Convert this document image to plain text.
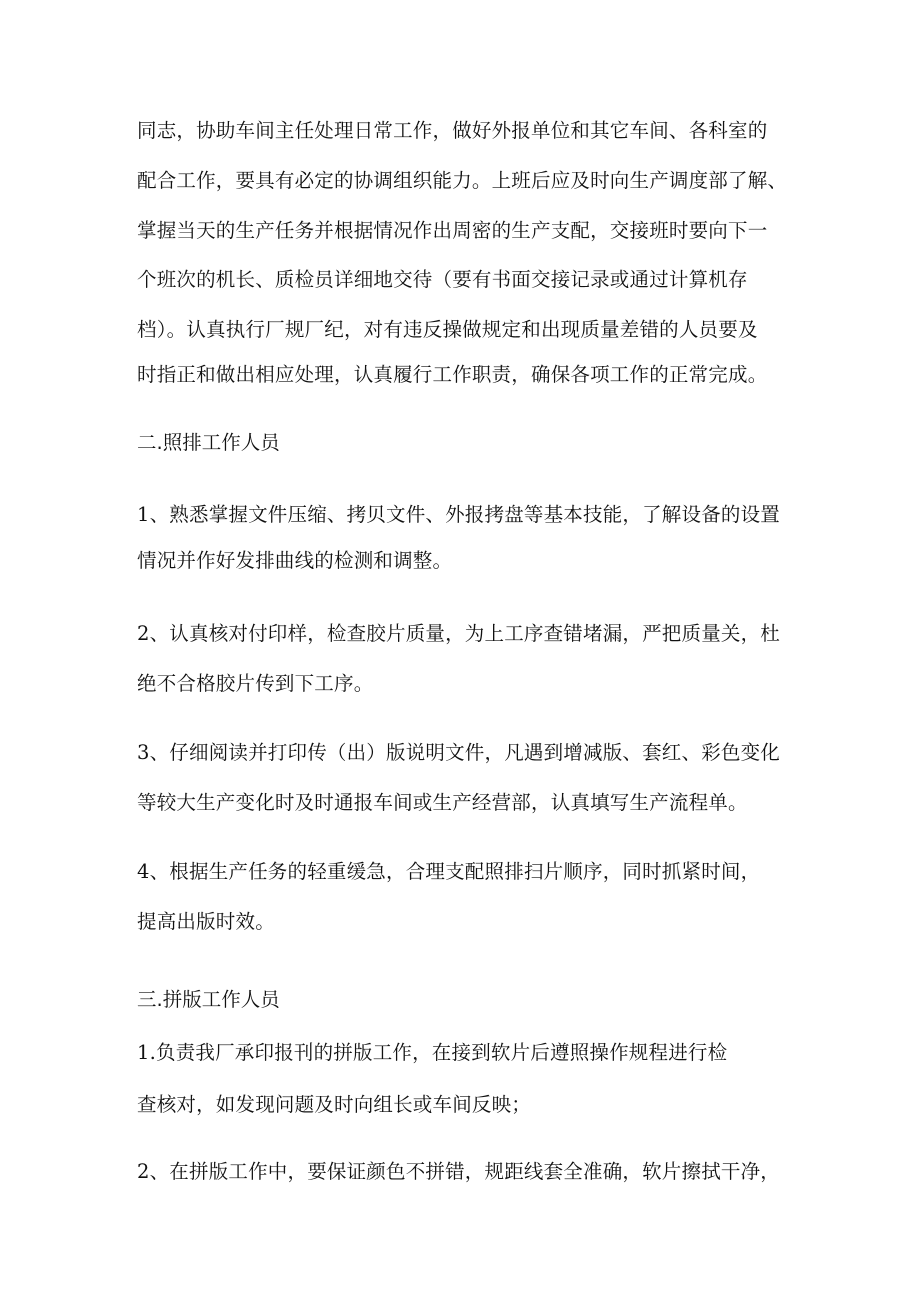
同志，协助车间主任处理日常工作，做好外报单位和其它车间、各科室的
配合工作，要具有必定的协调组织能力。上班后应及时向生产调度部了解、
掌握当天的生产任务并根据情况作出周密的生产支配，交接班时要向下一
个班次的机长、质检员详细地交待（要有书面交接记录或通过计算机存
档）。认真执行厂规厂纪，对有违反操做规定和出现质量差错的人员要及
时指正和做出相应处理，认真履行工作职责，确保各项工作的正常完成。
二.照排工作人员
1、熟悉掌握文件压缩、拷贝文件、外报拷盘等基本技能，了解设备的设置
情况并作好发排曲线的检测和调整。
2、认真核对付印样，检查胶片质量，为上工序查错堵漏，严把质量关，杜
绝不合格胶片传到下工序。
3、仔细阅读并打印传（出）版说明文件，凡遇到增减版、套红、彩色变化
等较大生产变化时及时通报车间或生产经营部，认真填写生产流程单。
4、根据生产任务的轻重缓急，合理支配照排扫片顺序，同时抓紧时间，
提高出版时效。
三.拼版工作人员
1.负责我厂承印报刊的拼版工作，在接到软片后遵照操作规程进行检
查核对，如发现问题及时向组长或车间反映；
2、在拼版工作中，要保证颜色不拼错，规距线套全准确，软片擦拭干净，
